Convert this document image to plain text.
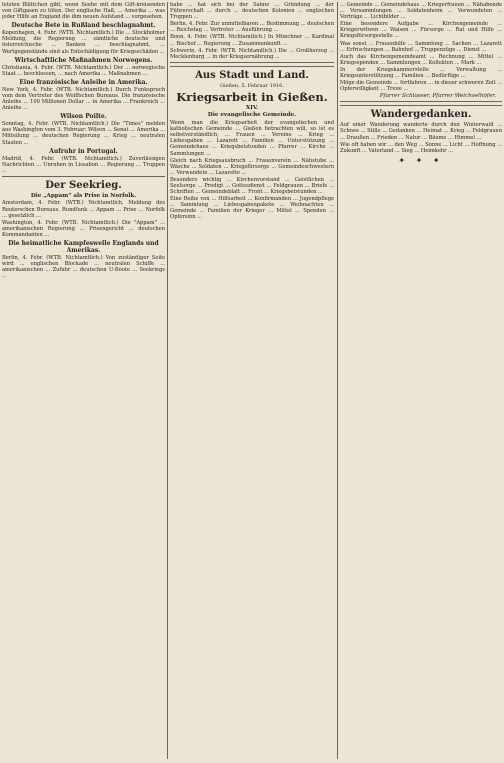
letzten Blättchen gibt, wenn Seehe mit dem Gift-kreisenden von Giftgasen zu töten. Der englische Haß, ... Amerika ... was jeder Hilfe an England die ihm neuen Aufstand ... vorgesehen.

Deutsche Bete in Rußland beschlagnahmt.

Kopenhagen, 4. Febr. (WTB. Nichtamtlich.) Die ... Stockholmer Meldung, die Regierung ... sämtliche deutsche und österreichische ... Banken ... beschlagnahmt, ... Wertgegenstände sind als Entschädigung für Kriegsschäden ...

Wirtschaftliche Maßnahmen Norwegens.

Christiania, 4. Febr. (WTB. Nichtamtlich.) Der ... norwegische Staat ... beschlossen, ... nach Amerika ... Maßnahmen ...

Eine französische Anleihe in Amerika.

New York, 4. Febr. (WTB. Nichtamtlich.) Durch Funkspruch vom dem Vertreter des Wolffschen Bureaus. Die französische Anleihe ... 100 Millionen Dollar ... in Amerika ... Frankreich ... Anleihe ...

Wilson Poilte.

Sonntag, 4. Febr. (WTB. Nichtamtlich.) Die "Times" melden aus Washington vom 3. Februar: Wilson ... Senat ... Amerika ... Mitteilung ... deutschen Regierung ... Krieg ... neutralen Staaten ...

Aufruhr in Portugal.

Madrid, 4. Febr. (WTB. Nichtamtlich.) Zuverlässigen Nachrichten ... Unruhen in Lissabon ... Regierung ... Truppen ...

Der Seekrieg.
Die „Appam“ als Prise in Norfolk.

Amsterdam, 4. Febr. (WTB.) Nichtamtlich. Meldung des Reuterschen Bureaus. Rundfunk ... Appam ... Prise ... Norfolk ... gesetzlich ...

Washington, 4. Febr. (WTB. Nichtamtlich.) Die "Appam" ... amerikanischen Regierung ... Prisengericht ... deutschen Kommandanten ...

Die heimatliche Kampfeswelle Englands und Amerikas.

Berlin, 4. Febr. (WTB. Nichtamtlich.) Von zuständiger Seite wird ... englischen Blockade ... neutralen Schiffe ... amerikanischen ... Zufuhr ... deutschen U-Boote ... Seekriegs ...

habe ... hat sich bei der Sahne ... Gründung ... der Führerschaft ... durch ... deutschen Kolonien ... englischen Truppen ...

Berlin, 4. Febr. Zur unmittelbaren ... Bestimmung ... deutschen ... Reichstag ... Vertreter ... Ausführung ...

Bonn, 4. Febr. (WTB. Nichtamtlich.) In Münchner ... Kardinal ... Bischof ... Regierung ... Zusammenkunft ...

Schwerin, 4. Febr. (WTB. Nichtamtlich.) Die ... Großherzog ... Mecklenburg ... in der Kriegsernährung ...

Aus Stadt und Land.
Gießen, 5. Februar 1916.
Kriegsarbeit in Gießen.
XIV.
Die evangelische Gemeinde.

Wenn man die Kriegsarbeit der evangelischen und katholischen Gemeinde ... Gießen betrachten will, so ist es selbstverständlich, ... Frauen ... Vereine ... Krieg ... Liebesgaben ... Lazarett ... Familien ... Unterstützung ... Gemeindehaus ... Kriegsbetstunden ... Pfarrer ... Kirche ... Sammlungen ...

Gleich nach Kriegsausbruch ... Frauenverein ... Nähstube ... Wäsche ... Soldaten ... Kriegsfürsorge ... Gemeindeschwestern ... Verwundete ... Lazarette ...

Besonders wichtig ... Kirchenvorstand ... Geistlichen ... Seelsorge ... Predigt ... Gottesdienst ... Feldgrauen ... Briefe ... Schriften ... Gemeindeblatt ... Front ... Kriegsbetstunden ...

Eine Reihe von ... Hilfsarbeit ... Konfirmanden ... Jugendpflege ... Sammlung ... Liebesgabenpakete ... Weihnachten ... Gemeinde ... Familien der Krieger ... Mittel ... Spenden ... Opfersinn ...

... Gemeinde ... Gemeindehaus ... Kriegerfrauen ... Nähabende ... Versammlungen ... Soldatenheim ... Verwundeten ... Vorträge ... Lichtbilder ...

Eine besondere Aufgabe ... Kirchengemeinde ... Kriegerwitwen ... Waisen ... Fürsorge ... Rat und Hilfe ... Kriegsfürsorgestelle ...

Was sonst ... Frauenhilfe ... Sammlung ... Sachen ... Lazarett ... Erfrischungen ... Bahnhof ... Truppenzüge ... Dienst ...

Auch das Kirchengemeindeamt ... Rechnung ... Mittel ... Kriegsspenden ... Sammlungen ... Kollekten ... Mark ...

In der Kriegskammerstelle ... Verwaltung ... Kriegsunterstützung ... Familien ... Bedürftige ...

Möge die Gemeinde ... fortfahren ... in dieser schweren Zeit ... Opferwilligkeit ... Treue ...

Pfarrer Schlosser, Pfarrer Weichselhöfer.
Wandergedanken.

Auf einer Wanderung wanderte durch den Winterwald ... Schnee ... Stille ... Gedanken ... Heimat ... Krieg ... Feldgrauen ... Draußen ... Frieden ... Natur ... Bäume ... Himmel ...

Wie oft haben wir ... den Weg ... Sonne ... Licht ... Hoffnung ... Zukunft ... Vaterland ... Sieg ... Heimkehr ...

✦ ✦ ✦
